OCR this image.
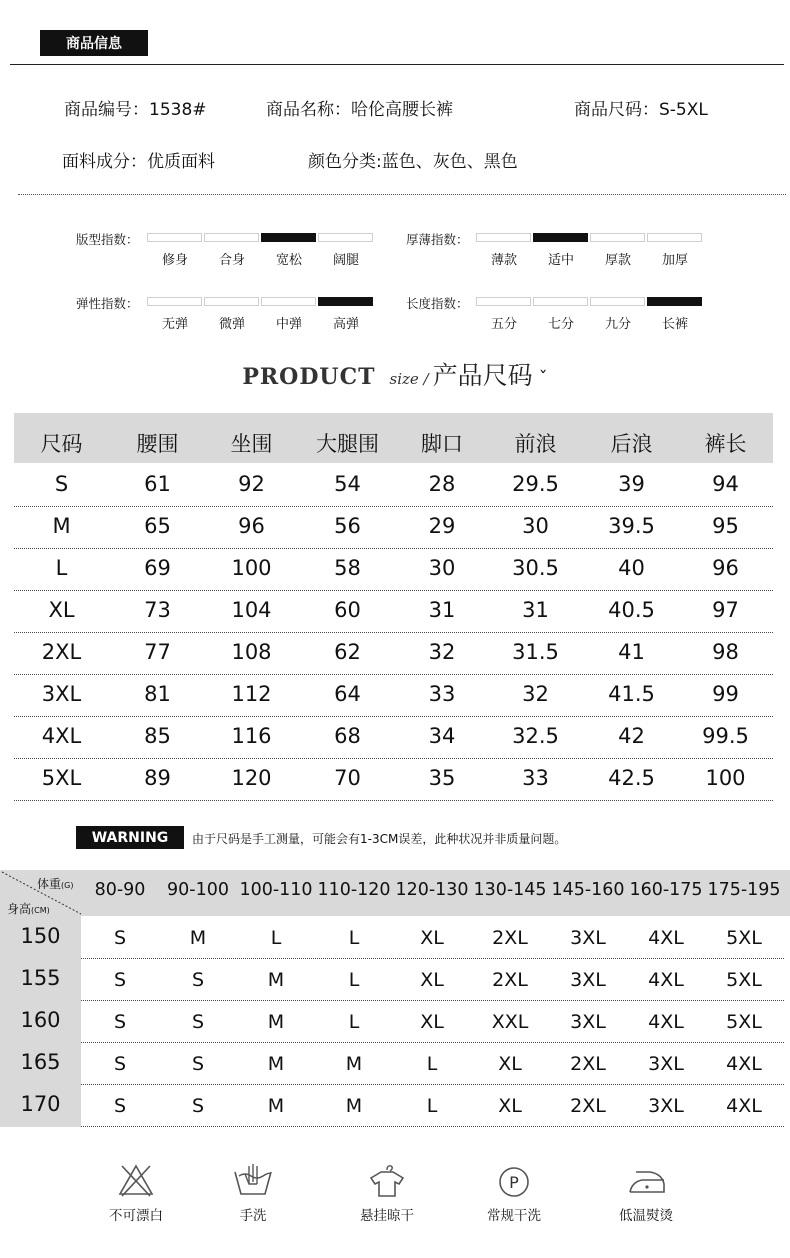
商品信息
商品编号：1538#	商品名称：哈伦高腰长裤	商品尺码：S-5XL
面料成分：优质面料	颜色分类:蓝色、灰色、黑色
版型指数：
修身	合身	宽松	阔腿
厚薄指数：
薄款	适中	厚款	加厚
弹性指数：
无弹	微弹	中弹	高弹
长度指数：
五分	七分	九分	长裤
PRODUCT size / 产品尺码 ˇ
尺码	腰围	坐围	大腿围	脚口	前浪	后浪	裤长
S	61	92	54	28	29.5	39	94
M	65	96	56	29	30	39.5	95
L	69	100	58	30	30.5	40	96
XL	73	104	60	31	31	40.5	97
2XL	77	108	62	32	31.5	41	98
3XL	81	112	64	33	32	41.5	99
4XL	85	116	68	34	32.5	42	99.5
5XL	89	120	70	35	33	42.5	100
WARNING	由于尺码是手工测量，可能会有1-3CM误差，此种状况并非质量问题。
体重(G)
身高(CM)
80-90	90-100 100-110 110-120 120-130 130-145 145-160 160-175 175-195
150	S	M	L	L	XL	2XL	3XL	4XL	5XL
155	S	S	M	L	XL	2XL	3XL	4XL	5XL
160	S	S	M	L	XL	XXL	3XL	4XL	5XL
165	S	S	M	M	L	XL	2XL	3XL	4XL
170	S	S	M	M	L	XL	2XL	3XL	4XL
不可漂白	手洗	悬挂晾干
P
常规干洗	低温熨烫
